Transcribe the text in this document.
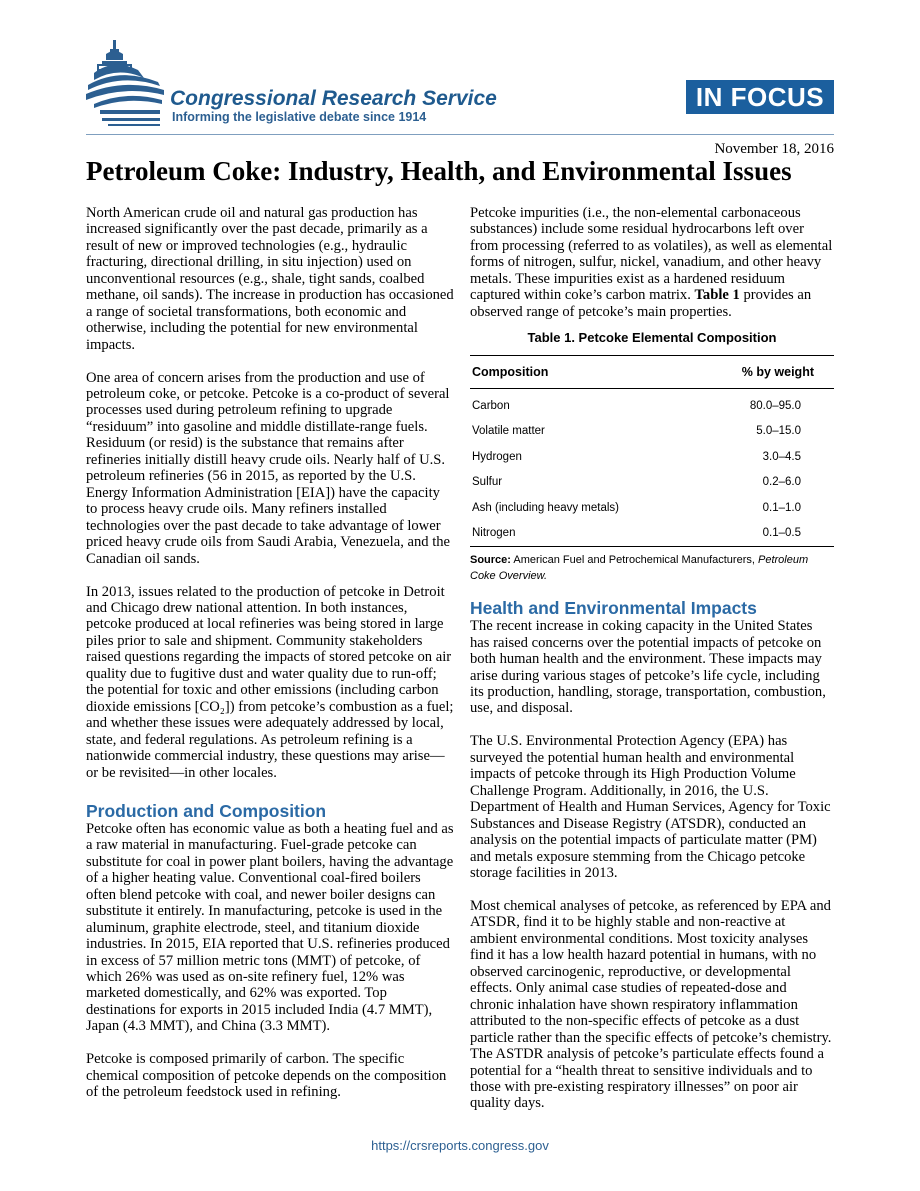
Congressional Research Service
Informing the legislative debate since 1914
IN FOCUS
November 18, 2016
Petroleum Coke: Industry, Health, and Environmental Issues

North American crude oil and natural gas production has increased significantly over the past decade, primarily as a result of new or improved technologies (e.g., hydraulic fracturing, directional drilling, in situ injection) used on unconventional resources (e.g., shale, tight sands, coalbed methane, oil sands). The increase in production has occasioned a range of societal transformations, both economic and otherwise, including the potential for new environmental impacts.

One area of concern arises from the production and use of petroleum coke, or petcoke. Petcoke is a co-product of several processes used during petroleum refining to upgrade “residuum” into gasoline and middle distillate-range fuels. Residuum (or resid) is the substance that remains after refineries initially distill heavy crude oils. Nearly half of U.S. petroleum refineries (56 in 2015, as reported by the U.S. Energy Information Administration [EIA]) have the capacity to process heavy crude oils. Many refiners installed technologies over the past decade to take advantage of lower priced heavy crude oils from Saudi Arabia, Venezuela, and the Canadian oil sands.

In 2013, issues related to the production of petcoke in Detroit and Chicago drew national attention. In both instances, petcoke produced at local refineries was being stored in large piles prior to sale and shipment. Community stakeholders raised questions regarding the impacts of stored petcoke on air quality due to fugitive dust and water quality due to run-off; the potential for toxic and other emissions (including carbon dioxide emissions [CO₂]) from petcoke’s combustion as a fuel; and whether these issues were adequately addressed by local, state, and federal regulations. As petroleum refining is a nationwide commercial industry, these questions may arise—or be revisited—in other locales.

Production and Composition

Petcoke often has economic value as both a heating fuel and as a raw material in manufacturing. Fuel-grade petcoke can substitute for coal in power plant boilers, having the advantage of a higher heating value. Conventional coal-fired boilers often blend petcoke with coal, and newer boiler designs can substitute it entirely. In manufacturing, petcoke is used in the aluminum, graphite electrode, steel, and titanium dioxide industries. In 2015, EIA reported that U.S. refineries produced in excess of 57 million metric tons (MMT) of petcoke, of which 26% was used as on-site refinery fuel, 12% was marketed domestically, and 62% was exported. Top destinations for exports in 2015 included India (4.7 MMT), Japan (4.3 MMT), and China (3.3 MMT).

Petcoke is composed primarily of carbon. The specific chemical composition of petcoke depends on the composition of the petroleum feedstock used in refining.

Petcoke impurities (i.e., the non-elemental carbonaceous substances) include some residual hydrocarbons left over from processing (referred to as volatiles), as well as elemental forms of nitrogen, sulfur, nickel, vanadium, and other heavy metals. These impurities exist as a hardened residuum captured within coke’s carbon matrix. Table 1 provides an observed range of petcoke’s main properties.

Table 1. Petcoke Elemental Composition
Composition	% by weight
Carbon	80.0–95.0
Volatile matter	5.0–15.0
Hydrogen	3.0–4.5
Sulfur	0.2–6.0
Ash (including heavy metals)	0.1–1.0
Nitrogen	0.1–0.5
Source: American Fuel and Petrochemical Manufacturers, Petroleum Coke Overview.
Health and Environmental Impacts

The recent increase in coking capacity in the United States has raised concerns over the potential impacts of petcoke on both human health and the environment. These impacts may arise during various stages of petcoke’s life cycle, including its production, handling, storage, transportation, combustion, use, and disposal.

The U.S. Environmental Protection Agency (EPA) has surveyed the potential human health and environmental impacts of petcoke through its High Production Volume Challenge Program. Additionally, in 2016, the U.S. Department of Health and Human Services, Agency for Toxic Substances and Disease Registry (ATSDR), conducted an analysis on the potential impacts of particulate matter (PM) and metals exposure stemming from the Chicago petcoke storage facilities in 2013.

Most chemical analyses of petcoke, as referenced by EPA and ATSDR, find it to be highly stable and non-reactive at ambient environmental conditions. Most toxicity analyses find it has a low health hazard potential in humans, with no observed carcinogenic, reproductive, or developmental effects. Only animal case studies of repeated-dose and chronic inhalation have shown respiratory inflammation attributed to the non-specific effects of petcoke as a dust particle rather than the specific effects of petcoke’s chemistry. The ASTDR analysis of petcoke’s particulate effects found a potential for a “health threat to sensitive individuals and to those with pre-existing respiratory illnesses” on poor air quality days.

https://crsreports.congress.gov
